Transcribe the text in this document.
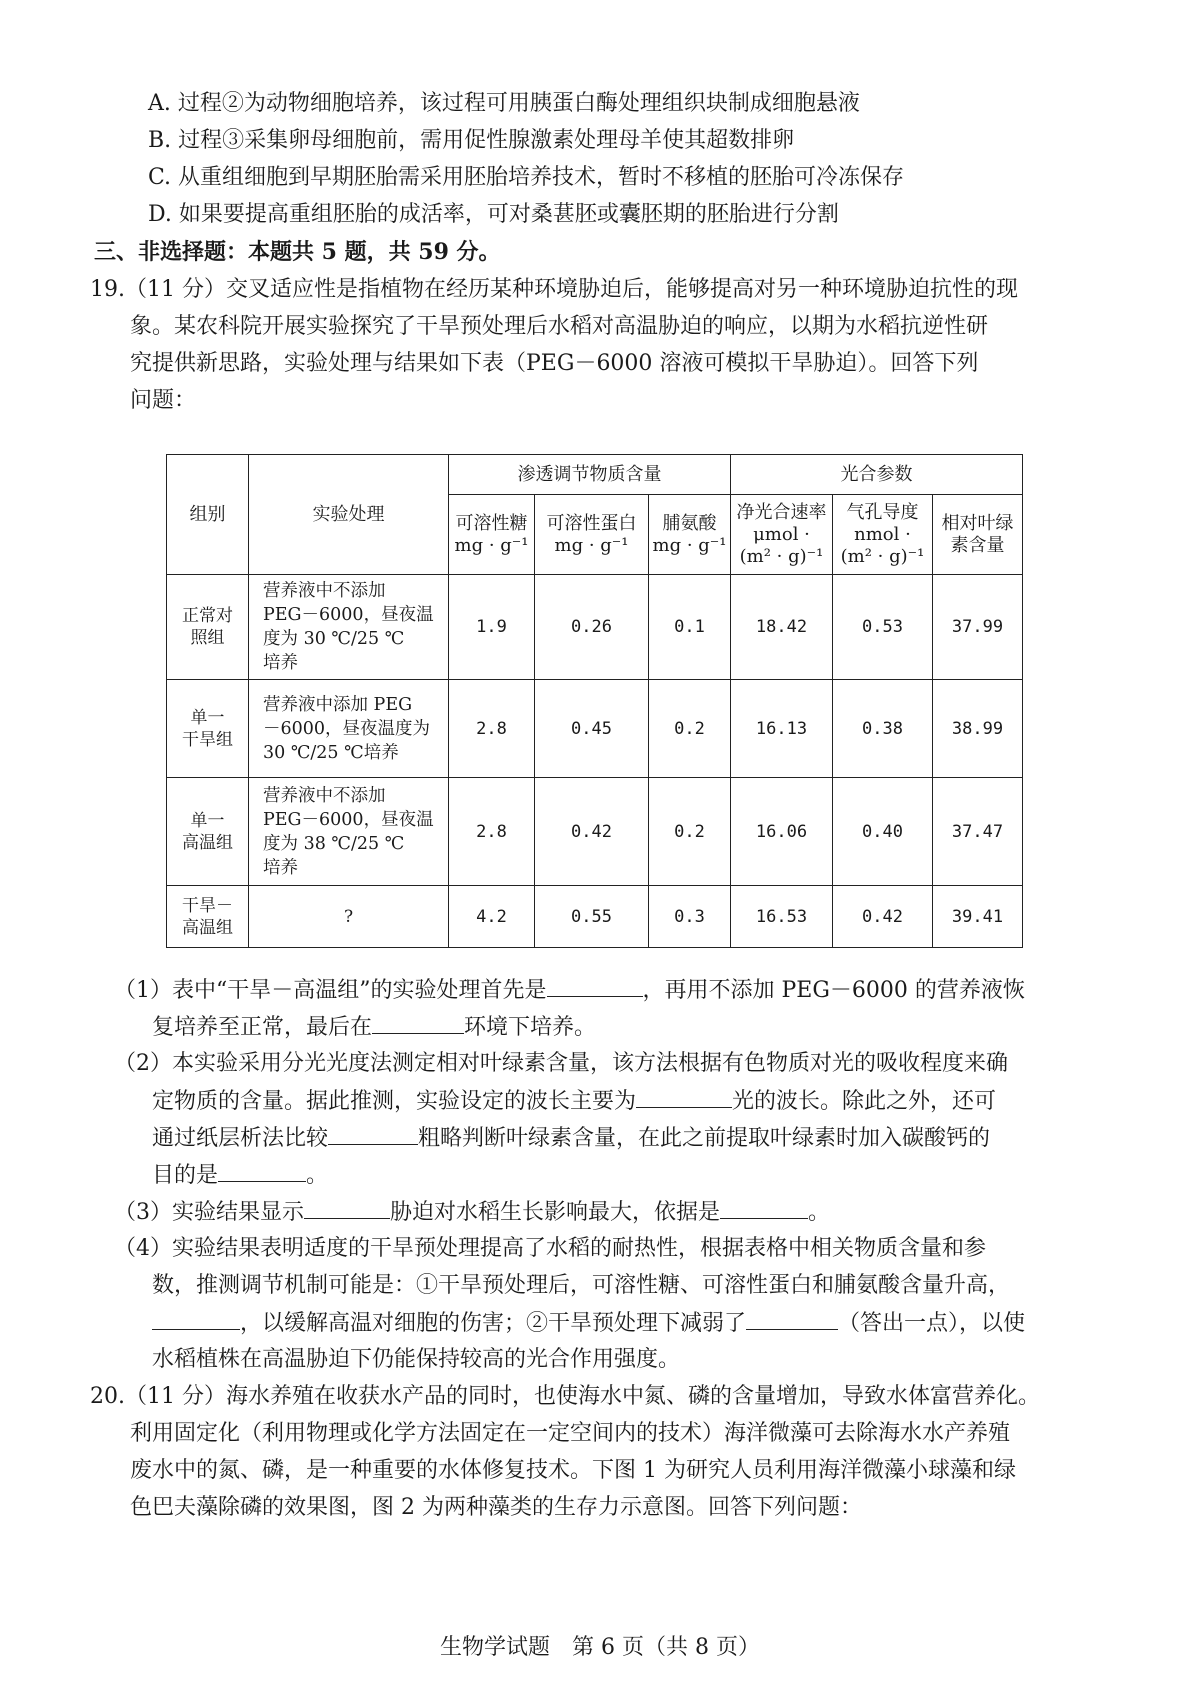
A. 过程②为动物细胞培养，该过程可用胰蛋白酶处理组织块制成细胞悬液
B. 过程③采集卵母细胞前，需用促性腺激素处理母羊使其超数排卵
C. 从重组细胞到早期胚胎需采用胚胎培养技术，暂时不移植的胚胎可冷冻保存
D. 如果要提高重组胚胎的成活率，可对桑葚胚或囊胚期的胚胎进行分割
三、非选择题：本题共 5 题，共 59 分。
19.（11 分）交叉适应性是指植物在经历某种环境胁迫后，能够提高对另一种环境胁迫抗性的现
象。某农科院开展实验探究了干旱预处理后水稻对高温胁迫的响应，以期为水稻抗逆性研
究提供新思路，实验处理与结果如下表（PEG－6000 溶液可模拟干旱胁迫）。回答下列
问题：
组别	实验处理	渗透调节物质含量			光合参数		
		可溶性糖
mg · g⁻¹	可溶性蛋白
mg · g⁻¹	脯氨酸
mg · g⁻¹	净光合速率
μmol ·
(m² · g)⁻¹	气孔导度
nmol ·
(m² · g)⁻¹	相对叶绿
素含量
正常对
照组	营养液中不添加
PEG－6000，昼夜温
度为 30 ℃/25 ℃
培养	1.9	0.26	0.1	18.42	0.53	37.99
单一
干旱组	营养液中添加 PEG
－6000，昼夜温度为
30 ℃/25 ℃培养	2.8	0.45	0.2	16.13	0.38	38.99
单一
高温组	营养液中不添加
PEG－6000，昼夜温
度为 38 ℃/25 ℃
培养	2.8	0.42	0.2	16.06	0.40	37.47
干旱－
高温组	?	4.2	0.55	0.3	16.53	0.42	39.41
（1）表中“干旱－高温组”的实验处理首先是	，再用不添加 PEG－6000 的营养液恢
复培养至正常，最后在	环境下培养。
（2）本实验采用分光光度法测定相对叶绿素含量，该方法根据有色物质对光的吸收程度来确
定物质的含量。据此推测，实验设定的波长主要为	光的波长。除此之外，还可
通过纸层析法比较	粗略判断叶绿素含量，在此之前提取叶绿素时加入碳酸钙的
目的是	。
（3）实验结果显示	胁迫对水稻生长影响最大，依据是	。
（4）实验结果表明适度的干旱预处理提高了水稻的耐热性，根据表格中相关物质含量和参
数，推测调节机制可能是：①干旱预处理后，可溶性糖、可溶性蛋白和脯氨酸含量升高，
，以缓解高温对细胞的伤害；②干旱预处理下减弱了	（答出一点），以使
水稻植株在高温胁迫下仍能保持较高的光合作用强度。
20.（11 分）海水养殖在收获水产品的同时，也使海水中氮、磷的含量增加，导致水体富营养化。
利用固定化（利用物理或化学方法固定在一定空间内的技术）海洋微藻可去除海水水产养殖
废水中的氮、磷，是一种重要的水体修复技术。下图 1 为研究人员利用海洋微藻小球藻和绿
色巴夫藻除磷的效果图，图 2 为两种藻类的生存力示意图。回答下列问题：
生物学试题　第 6 页（共 8 页）
